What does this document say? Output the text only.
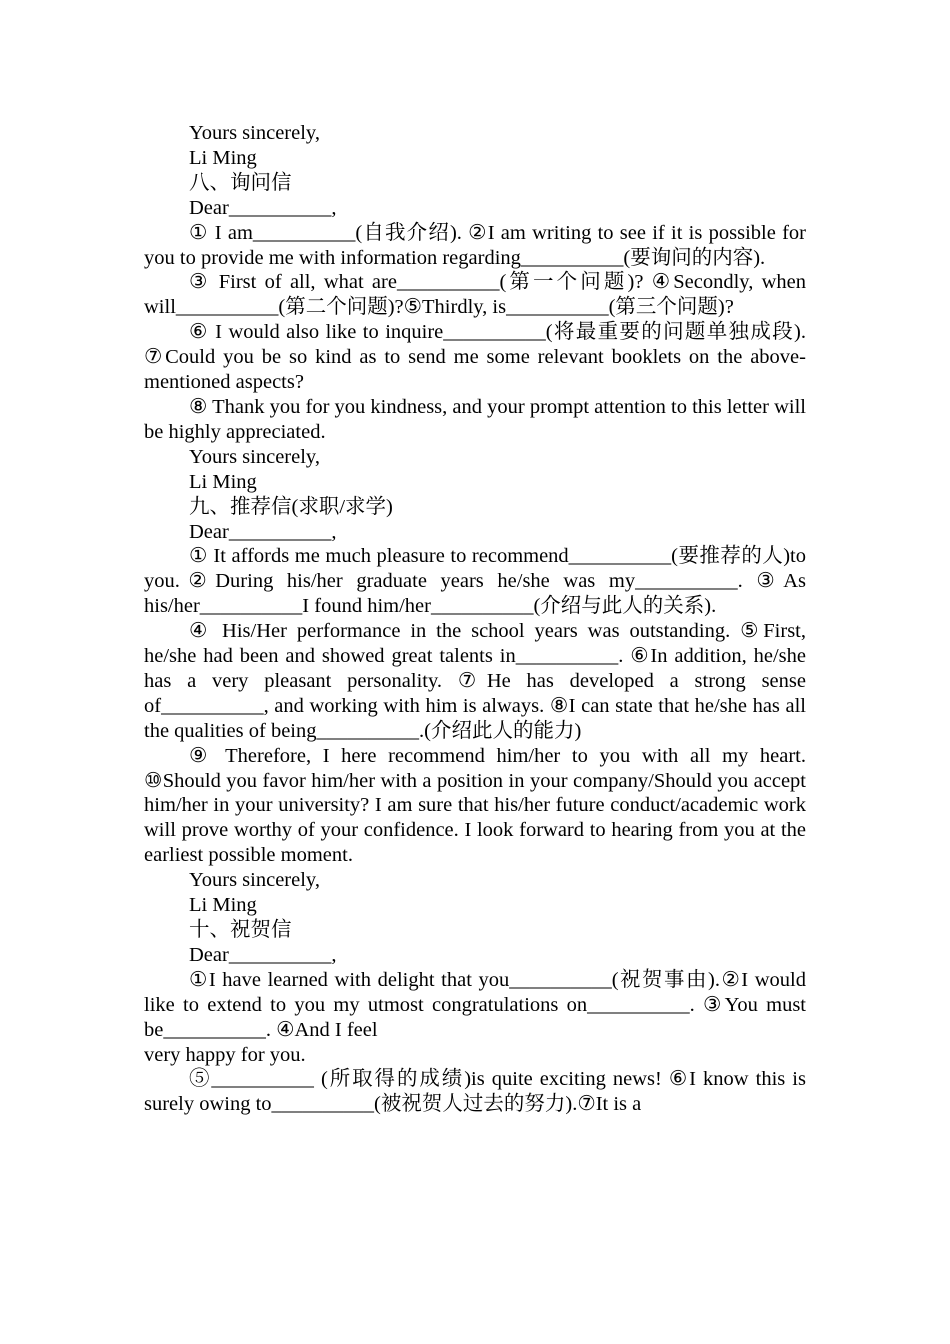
Yours sincerely,

Li Ming

八、询问信

Dear__________,

① I am__________(自我介绍). ②I am writing to see if it is possible for you to provide me with information regarding__________(要询问的内容).

③ First of all, what are__________(第一个问题)? ④Secondly, when will__________(第二个问题)?⑤Thirdly, is__________(第三个问题)?

⑥ I would also like to inquire__________(将最重要的问题单独成段). ⑦Could you be so kind as to send me some relevant booklets on the above-mentioned aspects?

⑧ Thank you for you kindness, and your prompt attention to this letter will be highly appreciated.

Yours sincerely,

Li Ming

九、推荐信(求职/求学)

Dear__________,

① It affords me much pleasure to recommend__________(要推荐的人)to you.②During his/her graduate years he/she was my__________. ③As his/her__________I found him/her__________(介绍与此人的关系).

④ His/Her performance in the school years was outstanding. ⑤First, he/she had been and showed great talents in__________. ⑥In addition, he/she has a very pleasant personality. ⑦He has developed a strong sense of__________, and working with him is always. ⑧I can state that he/she has all the qualities of being__________.(介绍此人的能力)

⑨ Therefore, I here recommend him/her to you with all my heart. ⑩Should you favor him/her with a position in your company/Should you accept him/her in your university? I am sure that his/her future conduct/academic work will prove worthy of your confidence. I look forward to hearing from you at the earliest possible moment.

Yours sincerely,

Li Ming

十、祝贺信

Dear__________,

①I have learned with delight that you__________(祝贺事由).②I would like to extend to you my utmost congratulations on__________. ③You must be__________. ④And I feel

very happy for you.

⑤__________ (所取得的成绩)is quite exciting news! ⑥I know this is surely owing to__________(被祝贺人过去的努力).⑦It is a
